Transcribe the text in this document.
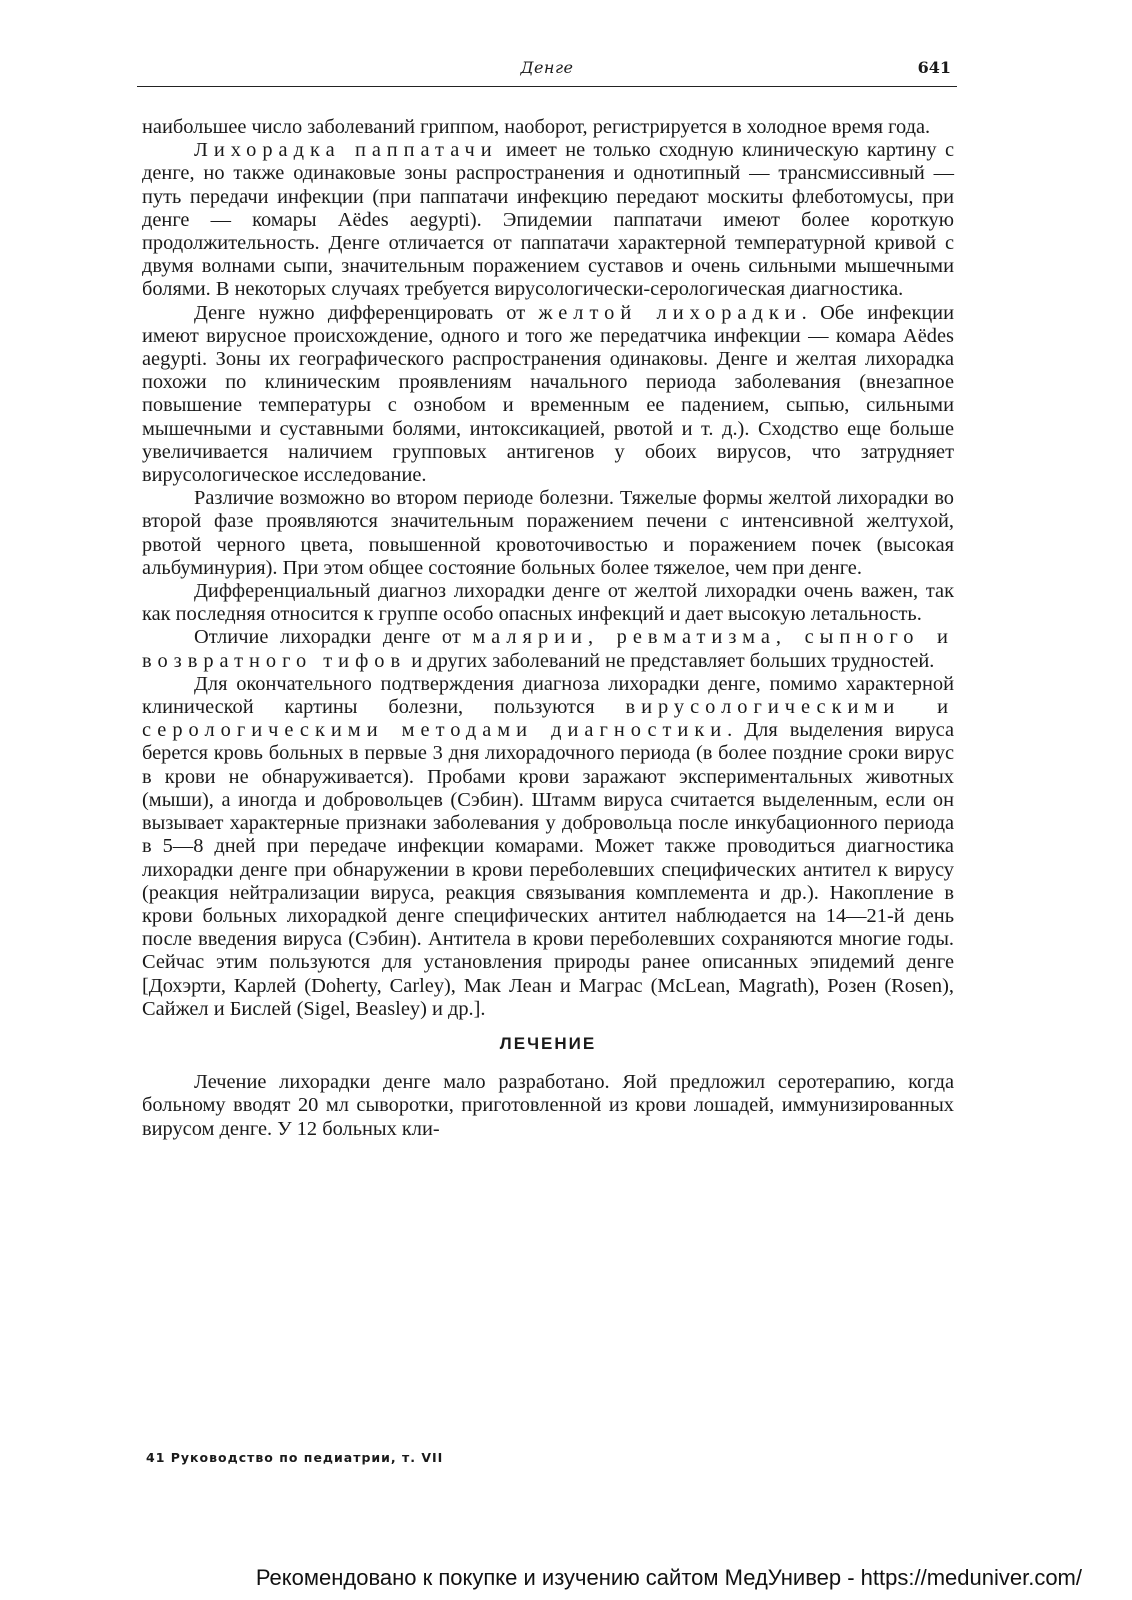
Денге	641

наибольшее число заболеваний гриппом, наоборот, регистрируется в холодное время года.

Лихорадка паппатачи имеет не только сходную клиническую картину с денге, но также одинаковые зоны распространения и однотипный — трансмиссивный — путь передачи инфекции (при паппатачи инфекцию передают москиты флеботомусы, при денге — комары Aëdes aegypti). Эпидемии паппатачи имеют более короткую продолжительность. Денге отличается от паппатачи характерной температурной кривой с двумя волнами сыпи, значительным поражением суставов и очень сильными мышечными болями. В некоторых случаях требуется вирусологически-серологическая диагностика.

Денге нужно дифференцировать от желтой лихорадки. Обе инфекции имеют вирусное происхождение, одного и того же передатчика инфекции — комара Aëdes aegypti. Зоны их географического распространения одинаковы. Денге и желтая лихорадка похожи по клиническим проявлениям начального периода заболевания (внезапное повышение температуры с ознобом и временным ее падением, сыпью, сильными мышечными и суставными болями, интоксикацией, рвотой и т. д.). Сходство еще больше увеличивается наличием групповых антигенов у обоих вирусов, что затрудняет вирусологическое исследование.

Различие возможно во втором периоде болезни. Тяжелые формы желтой лихорадки во второй фазе проявляются значительным поражением печени с интенсивной желтухой, рвотой черного цвета, повышенной кровоточивостью и поражением почек (высокая альбуминурия). При этом общее состояние больных более тяжелое, чем при денге.

Дифференциальный диагноз лихорадки денге от желтой лихорадки очень важен, так как последняя относится к группе особо опасных инфекций и дает высокую летальность.

Отличие лихорадки денге от малярии, ревматизма, сыпного и возвратного тифов и других заболеваний не представляет больших трудностей.

Для окончательного подтверждения диагноза лихорадки денге, помимо характерной клинической картины болезни, пользуются вирусологическими и серологическими методами диагностики. Для выделения вируса берется кровь больных в первые 3 дня лихорадочного периода (в более поздние сроки вирус в крови не обнаруживается). Пробами крови заражают экспериментальных животных (мыши), а иногда и добровольцев (Сэбин). Штамм вируса считается выделенным, если он вызывает характерные признаки заболевания у добровольца после инкубационного периода в 5—8 дней при передаче инфекции комарами. Может также проводиться диагностика лихорадки денге при обнаружении в крови переболевших специфических антител к вирусу (реакция нейтрализации вируса, реакция связывания комплемента и др.). Накопление в крови больных лихорадкой денге специфических антител наблюдается на 14—21-й день после введения вируса (Сэбин). Антитела в крови переболевших сохраняются многие годы. Сейчас этим пользуются для установления природы ранее описанных эпидемий денге [Дохэрти, Карлей (Doherty, Carley), Мак Леан и Маграс (McLean, Magrath), Розен (Rosen), Сайжел и Бислей (Sigel, Beasley) и др.].

ЛЕЧЕНИЕ

Лечение лихорадки денге мало разработано. Яой предложил серотерапию, когда больному вводят 20 мл сыворотки, приготовленной из крови лошадей, иммунизированных вирусом денге. У 12 больных кли-

41 Руководство по педиатрии, т. VII
Рекомендовано к покупке и изучению сайтом МедУнивер - https://meduniver.com/
